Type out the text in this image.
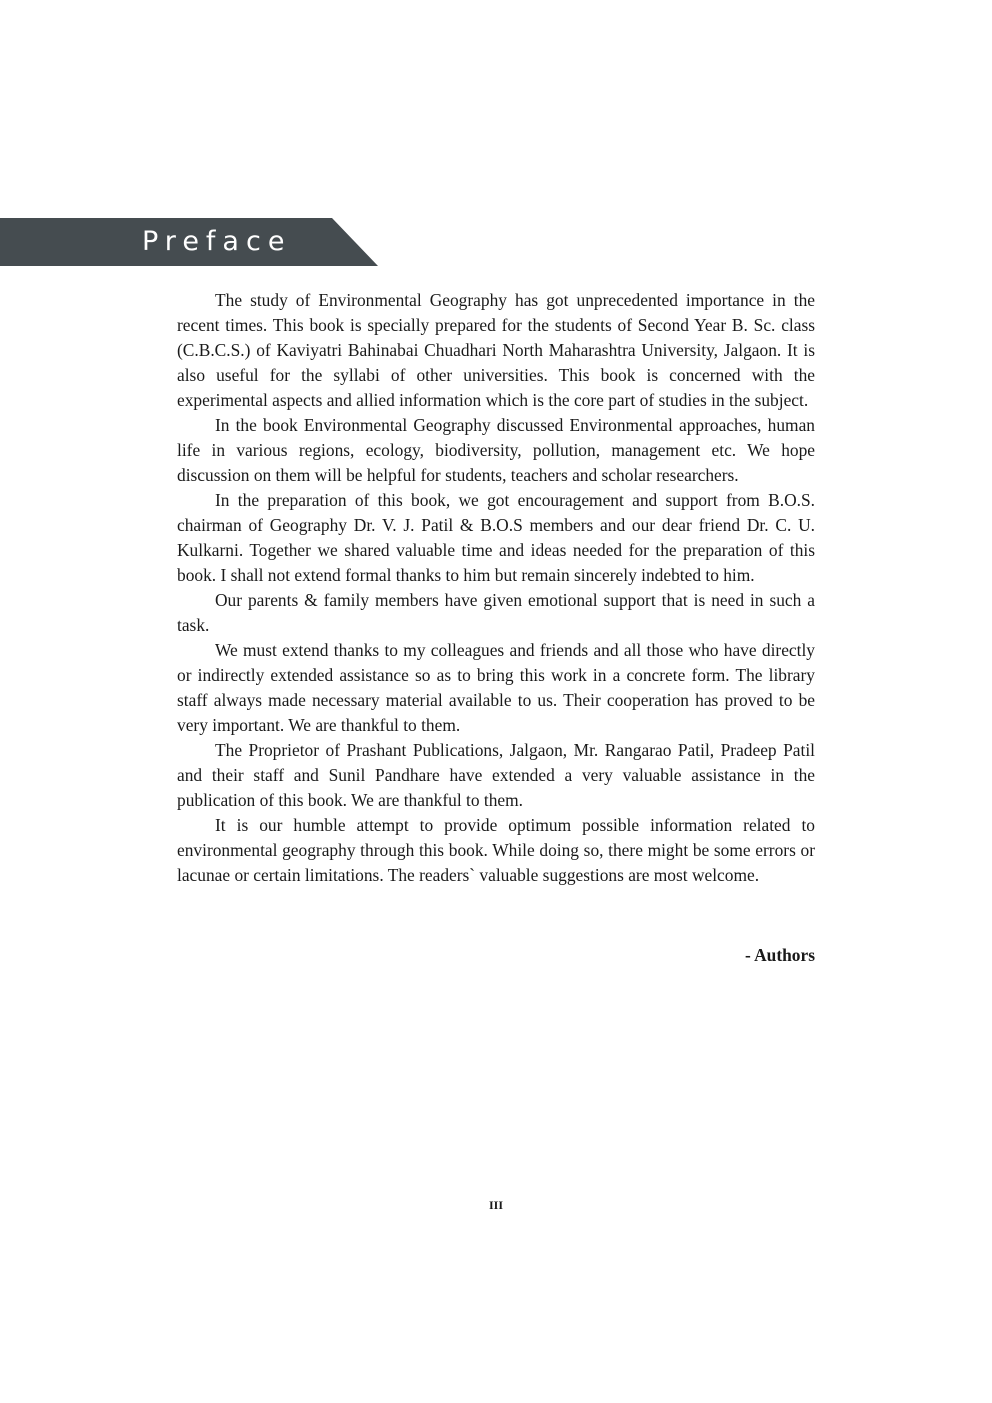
Preface

The study of Environmental Geography has got unprecedented importance in the recent times. This book is specially prepared for the students of Second Year B. Sc. class (C.B.C.S.) of Kaviyatri Bahinabai Chuadhari North Maharashtra University, Jalgaon. It is also useful for the syllabi of other universities. This book is concerned with the experimental aspects and allied information which is the core part of studies in the subject.

In the book Environmental Geography discussed Environmental approaches, human life in various regions, ecology, biodiversity, pollution, management etc. We hope discussion on them will be helpful for students, teachers and scholar researchers.

In the preparation of this book, we got encouragement and support from B.O.S. chairman of Geography Dr. V. J. Patil & B.O.S members and our dear friend Dr. C. U. Kulkarni. Together we shared valuable time and ideas needed for the preparation of this book. I shall not extend formal thanks to him but remain sincerely indebted to him.

Our parents & family members have given emotional support that is need in such a task.

We must extend thanks to my colleagues and friends and all those who have directly or indirectly extended assistance so as to bring this work in a concrete form. The library staff always made necessary material available to us. Their cooperation has proved to be very important. We are thankful to them.

The Proprietor of Prashant Publications, Jalgaon, Mr. Rangarao Patil, Pradeep Patil and their staff and Sunil Pandhare have extended a very valuable assistance in the publication of this book. We are thankful to them.

It is our humble attempt to provide optimum possible information related to environmental geography through this book. While doing so, there might be some errors or lacunae or certain limitations. The readers` valuable suggestions are most welcome.

- Authors

III
